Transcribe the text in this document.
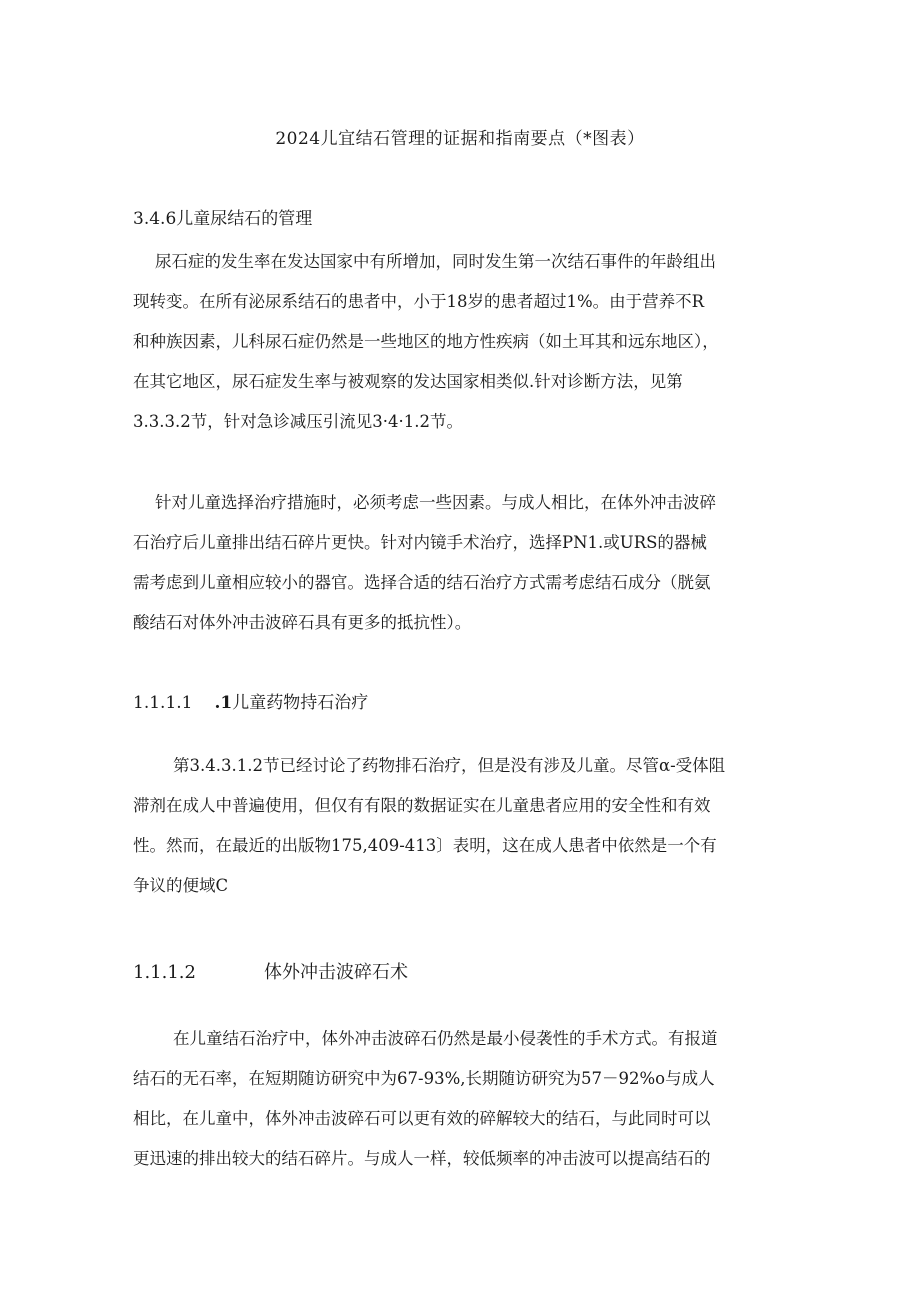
2024儿宜结石管理的证据和指南要点（*图表）
3.4.6儿童尿结石的管理
尿石症的发生率在发达国家中有所增加，同时发生第一次结石事件的年龄组出
现转变。在所有泌尿系结石的患者中，小于18岁的患者超过1%。由于营养不R
和种族因素，儿科尿石症仍然是一些地区的地方性疾病（如土耳其和远东地区），
在其它地区，尿石症发生率与被观察的发达国家相类似.针对诊断方法，见第
3.3.3.2节，针对急诊减压引流见3·4·1.2节。
针对儿童选择治疗措施时，必须考虑一些因素。与成人相比，在体外冲击波碎
石治疗后儿童排出结石碎片更快。针对内镜手术治疗，选择PN1.或URS的器械
需考虑到儿童相应较小的器官。选择合适的结石治疗方式需考虑结石成分（胱氨
酸结石对体外冲击波碎石具有更多的抵抗性）。
1.1.1.1 .1儿童药物持石治疗
第3.4.3.1.2节已经讨论了药物排石治疗，但是没有涉及儿童。尽管α-受体阻
滞剂在成人中普遍使用，但仅有有限的数据证实在儿童患者应用的安全性和有效
性。然而，在最近的出版物175,409-413〕表明，这在成人患者中依然是一个有
争议的便域C
1.1.1.2	体外冲击波碎石术
在儿童结石治疗中，体外冲击波碎石仍然是最小侵袭性的手术方式。有报道
结石的无石率，在短期随访研究中为67-93%,长期随访研究为57－92%o与成人
相比，在儿童中，体外冲击波碎石可以更有效的碎解较大的结石，与此同时可以
更迅速的排出较大的结石碎片。与成人一样，较低频率的冲击波可以提高结石的
